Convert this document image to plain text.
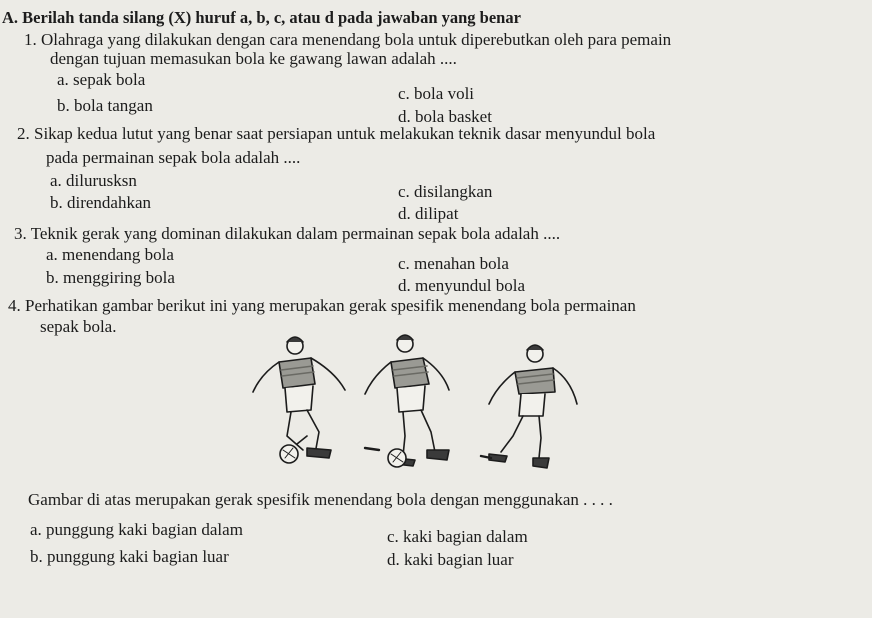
A. Berilah tanda silang (X) huruf a, b, c, atau d pada jawaban yang benar
1. Olahraga yang dilakukan dengan cara menendang bola untuk diperebutkan oleh para pemain
dengan tujuan memasukan bola ke gawang lawan adalah ....
a. sepak bola
b. bola tangan
c. bola voli
d. bola basket
2. Sikap kedua lutut yang benar saat persiapan untuk melakukan teknik dasar menyundul bola
pada permainan sepak bola adalah ....
a. dilurusksn
b. direndahkan
c. disilangkan
d. dilipat
3. Teknik gerak yang dominan dilakukan dalam permainan sepak bola adalah ....
a. menendang bola
b. menggiring bola
c. menahan bola
d. menyundul bola
4. Perhatikan gambar berikut ini yang merupakan gerak spesifik menendang bola permainan
sepak bola.
Gambar di atas merupakan gerak spesifik menendang bola dengan menggunakan . . . .
a. punggung kaki bagian dalam
b. punggung kaki bagian luar
c. kaki bagian dalam
d. kaki bagian luar
